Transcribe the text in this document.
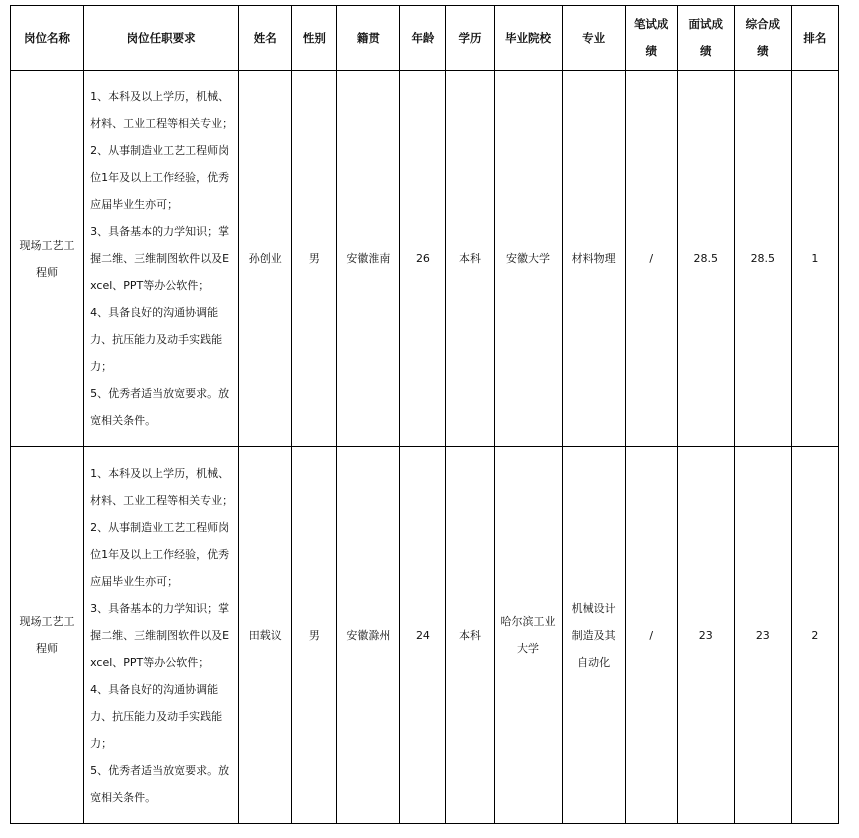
岗位名称	岗位任职要求	姓名	性别	籍贯	年龄	学历	毕业院校	专业	笔试成绩	面试成绩	综合成绩	排名
现场工艺工程师	1、本科及以上学历，机械、材料、工业工程等相关专业；
2、从事制造业工艺工程师岗位1年及以上工作经验，优秀应届毕业生亦可；
3、具备基本的力学知识；掌握二维、三维制图软件以及Excel、PPT等办公软件；
4、具备良好的沟通协调能力、抗压能力及动手实践能力；
5、优秀者适当放宽要求。放宽相关条件。	孙创业	男	安徽淮南	26	本科	安徽大学	材料物理	/	28.5	28.5	1
现场工艺工程师	1、本科及以上学历，机械、材料、工业工程等相关专业；
2、从事制造业工艺工程师岗位1年及以上工作经验，优秀应届毕业生亦可；
3、具备基本的力学知识；掌握二维、三维制图软件以及Excel、PPT等办公软件；
4、具备良好的沟通协调能力、抗压能力及动手实践能力；
5、优秀者适当放宽要求。放宽相关条件。	田载议	男	安徽滁州	24	本科	哈尔滨工业大学	机械设计制造及其自动化	/	23	23	2
